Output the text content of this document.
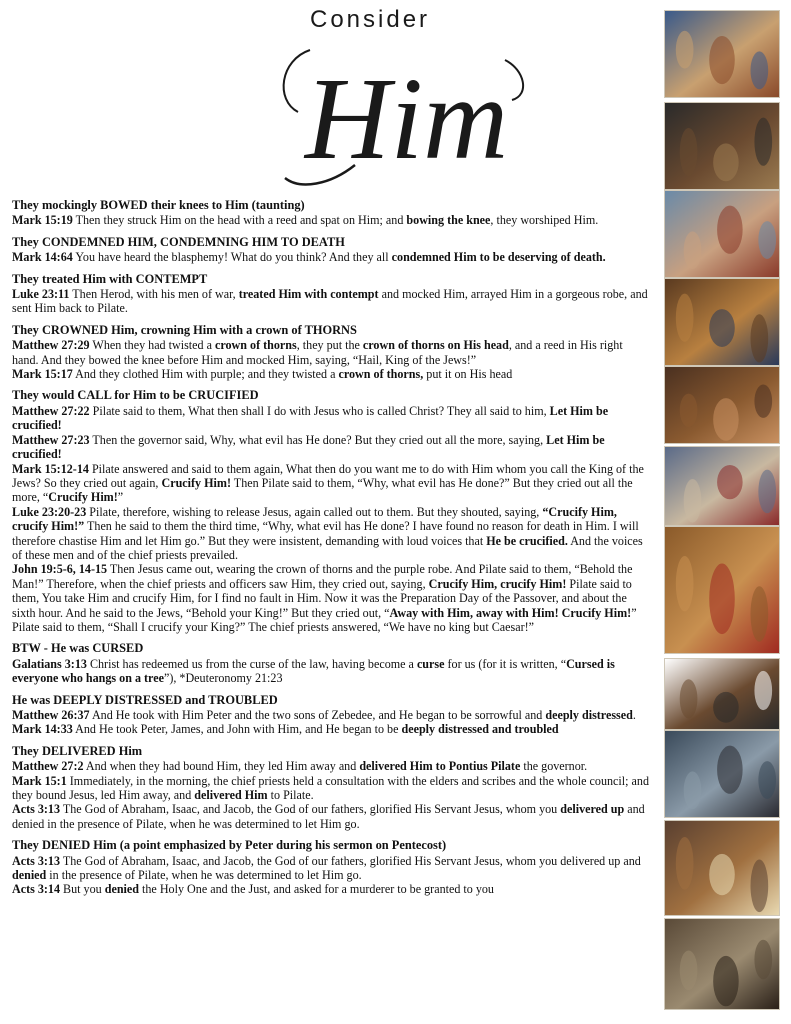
Consider
Him
They mockingly BOWED their knees to Him (taunting)

Mark 15:19 Then they struck Him on the head with a reed and spat on Him; and bowing the knee, they worshiped Him.

They CONDEMNED HIM, CONDEMNING HIM TO DEATH

Mark 14:64 You have heard the blasphemy! What do you think? And they all condemned Him to be deserving of death.

They treated Him with CONTEMPT

Luke 23:11 Then Herod, with his men of war, treated Him with contempt and mocked Him, arrayed Him in a gorgeous robe, and sent Him back to Pilate.

They CROWNED Him, crowning Him with a crown of THORNS

Matthew 27:29 When they had twisted a crown of thorns, they put the crown of thorns on His head, and a reed in His right hand. And they bowed the knee before Him and mocked Him, saying, “Hail, King of the Jews!”

Mark 15:17 And they clothed Him with purple; and they twisted a crown of thorns, put it on His head

They would CALL for Him to be CRUCIFIED

Matthew 27:22 Pilate said to them, What then shall I do with Jesus who is called Christ? They all said to him, Let Him be crucified!

Matthew 27:23 Then the governor said, Why, what evil has He done? But they cried out all the more, saying, Let Him be crucified!

Mark 15:12-14 Pilate answered and said to them again, What then do you want me to do with Him whom you call the King of the Jews? So they cried out again, Crucify Him! Then Pilate said to them, “Why, what evil has He done?” But they cried out all the more, “Crucify Him!”

Luke 23:20-23 Pilate, therefore, wishing to release Jesus, again called out to them. But they shouted, saying, “Crucify Him, crucify Him!” Then he said to them the third time, “Why, what evil has He done? I have found no reason for death in Him. I will therefore chastise Him and let Him go.” But they were insistent, demanding with loud voices that He be crucified. And the voices of these men and of the chief priests prevailed.

John 19:5-6, 14-15 Then Jesus came out, wearing the crown of thorns and the purple robe. And Pilate said to them, “Behold the Man!” Therefore, when the chief priests and officers saw Him, they cried out, saying, Crucify Him, crucify Him! Pilate said to them, You take Him and crucify Him, for I find no fault in Him. Now it was the Preparation Day of the Passover, and about the sixth hour. And he said to the Jews, “Behold your King!” But they cried out, “Away with Him, away with Him! Crucify Him!” Pilate said to them, “Shall I crucify your King?” The chief priests answered, “We have no king but Caesar!”

BTW - He was CURSED

Galatians 3:13 Christ has redeemed us from the curse of the law, having become a curse for us (for it is written, “Cursed is everyone who hangs on a tree”), *Deuteronomy 21:23

He was DEEPLY DISTRESSED and TROUBLED

Matthew 26:37 And He took with Him Peter and the two sons of Zebedee, and He began to be sorrowful and deeply distressed.

Mark 14:33 And He took Peter, James, and John with Him, and He began to be deeply distressed and troubled

They DELIVERED Him

Matthew 27:2 And when they had bound Him, they led Him away and delivered Him to Pontius Pilate the governor.

Mark 15:1 Immediately, in the morning, the chief priests held a consultation with the elders and scribes and the whole council; and they bound Jesus, led Him away, and delivered Him to Pilate.

Acts 3:13 The God of Abraham, Isaac, and Jacob, the God of our fathers, glorified His Servant Jesus, whom you delivered up and denied in the presence of Pilate, when he was determined to let Him go.

They DENIED Him (a point emphasized by Peter during his sermon on Pentecost)

Acts 3:13 The God of Abraham, Isaac, and Jacob, the God of our fathers, glorified His Servant Jesus, whom you delivered up and denied in the presence of Pilate, when he was determined to let Him go.

Acts 3:14 But you denied the Holy One and the Just, and asked for a murderer to be granted to you
